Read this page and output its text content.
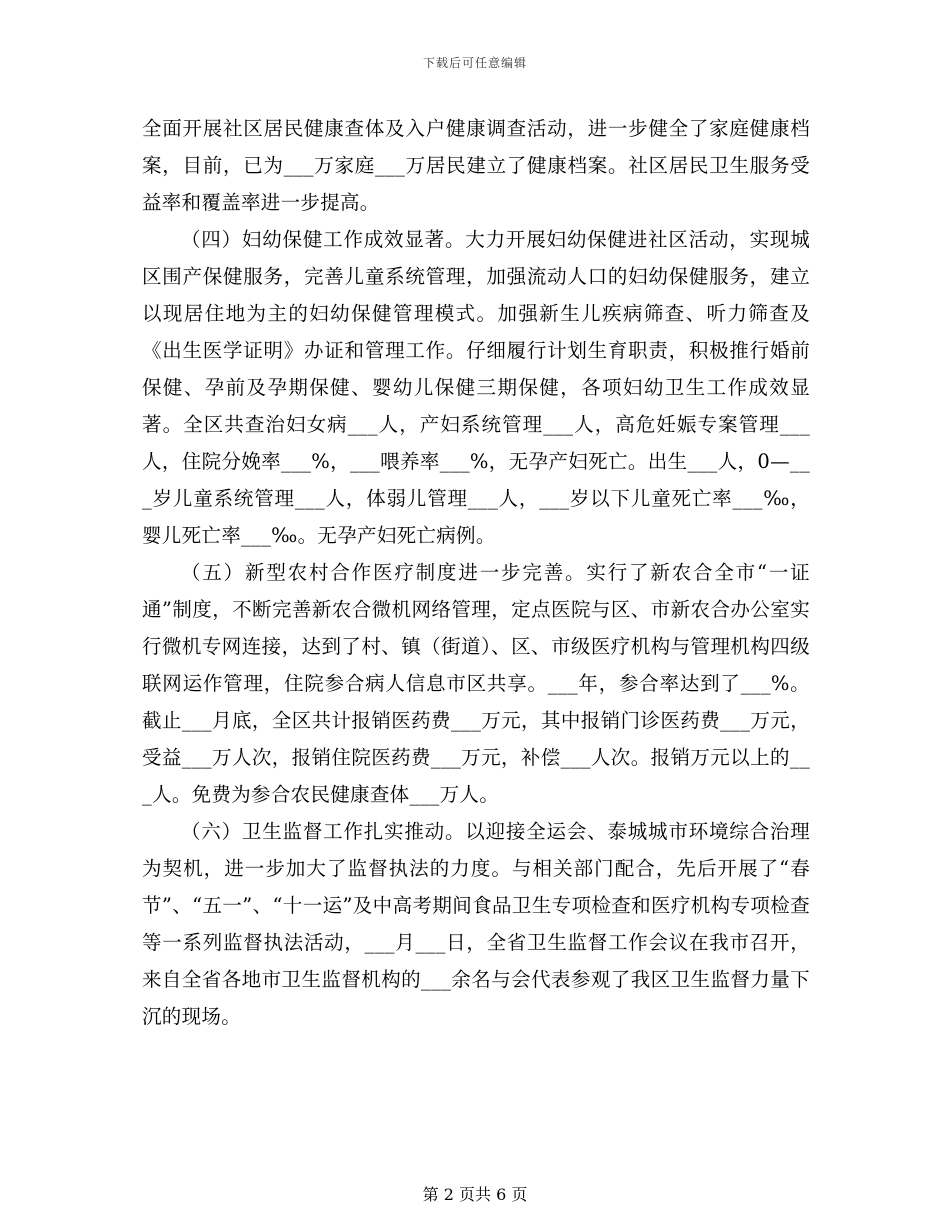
下载后可任意编辑

全面开展社区居民健康查体及入户健康调查活动，进一步健全了家庭健康档案，目前，已为___万家庭___万居民建立了健康档案。社区居民卫生服务受益率和覆盖率进一步提高。

（四）妇幼保健工作成效显著。大力开展妇幼保健进社区活动，实现城区围产保健服务，完善儿童系统管理，加强流动人口的妇幼保健服务，建立以现居住地为主的妇幼保健管理模式。加强新生儿疾病筛查、听力筛查及《出生医学证明》办证和管理工作。仔细履行计划生育职责，积极推行婚前保健、孕前及孕期保健、婴幼儿保健三期保健，各项妇幼卫生工作成效显著。全区共查治妇女病___人，产妇系统管理___人，高危妊娠专案管理___人，住院分娩率___%，___喂养率___%，无孕产妇死亡。出生___人，0—___岁儿童系统管理___人，体弱儿管理___人，___岁以下儿童死亡率___‰，婴儿死亡率___‰。无孕产妇死亡病例。

（五）新型农村合作医疗制度进一步完善。实行了新农合全市“一证通”制度，不断完善新农合微机网络管理，定点医院与区、市新农合办公室实行微机专网连接，达到了村、镇（街道）、区、市级医疗机构与管理机构四级联网运作管理，住院参合病人信息市区共享。___年，参合率达到了___%。截止___月底，全区共计报销医药费___万元，其中报销门诊医药费___万元，受益___万人次，报销住院医药费___万元，补偿___人次。报销万元以上的___人。免费为参合农民健康查体___万人。

（六）卫生监督工作扎实推动。以迎接全运会、泰城城市环境综合治理为契机，进一步加大了监督执法的力度。与相关部门配合，先后开展了“春节”、“五一”、“十一运”及中高考期间食品卫生专项检查和医疗机构专项检查等一系列监督执法活动，___月___日，全省卫生监督工作会议在我市召开，来自全省各地市卫生监督机构的___余名与会代表参观了我区卫生监督力量下沉的现场。

第 2 页共 6 页
